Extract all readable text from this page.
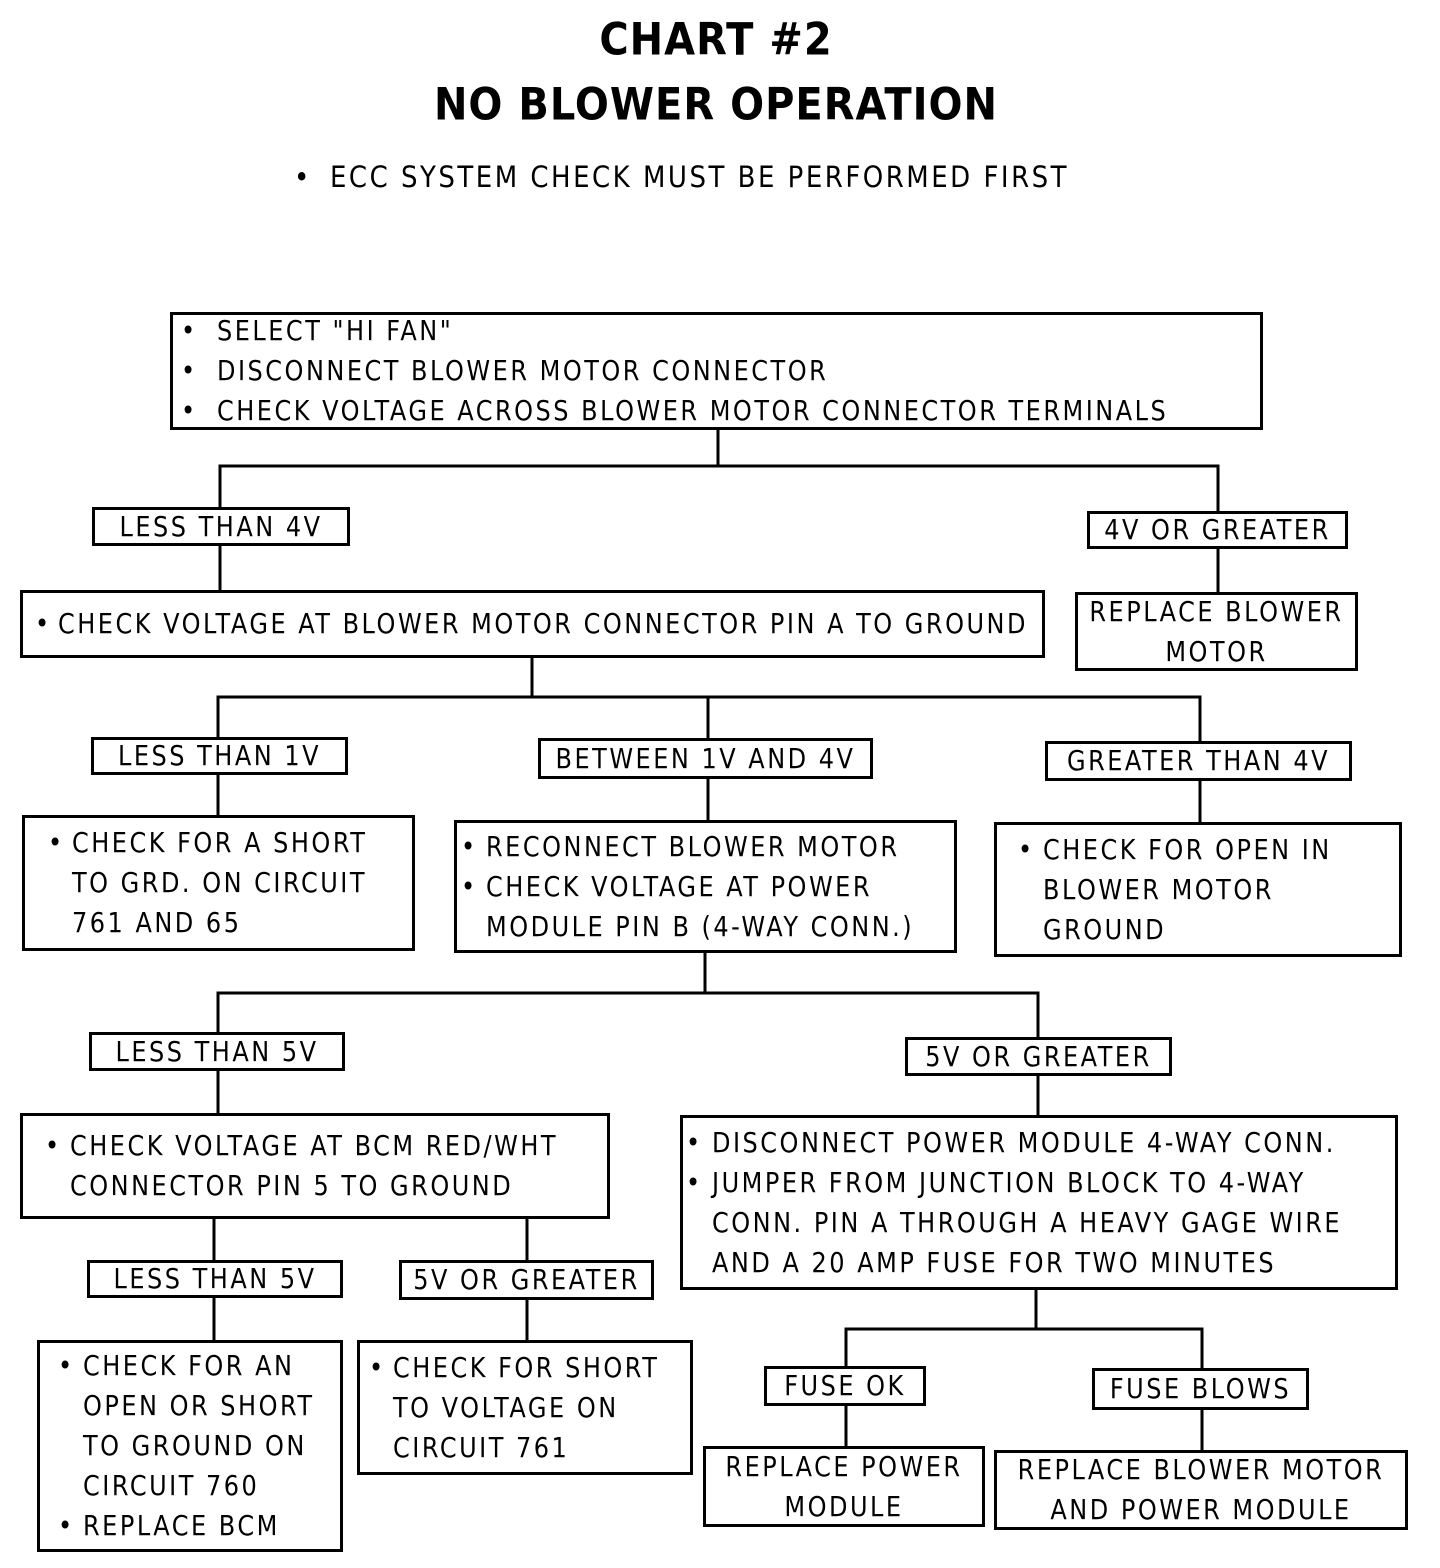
CHART #2
NO BLOWER OPERATION
• ECC SYSTEM CHECK MUST BE PERFORMED FIRST
• SELECT "HI FAN"
• DISCONNECT BLOWER MOTOR CONNECTOR
• CHECK VOLTAGE ACROSS BLOWER MOTOR CONNECTOR TERMINALS
LESS THAN 4V	4V OR GREATER
• CHECK VOLTAGE AT BLOWER MOTOR CONNECTOR PIN A TO GROUND	REPLACE BLOWER
MOTOR
LESS THAN 1V	BETWEEN 1V AND 4V	GREATER THAN 4V
• CHECK FOR A SHORT
TO GRD. ON CIRCUIT
761 AND 65
• RECONNECT BLOWER MOTOR
• CHECK VOLTAGE AT POWER
MODULE PIN B (4-WAY CONN.)
• CHECK FOR OPEN IN
BLOWER MOTOR
GROUND
LESS THAN 5V	5V OR GREATER
• CHECK VOLTAGE AT BCM RED/WHT
CONNECTOR PIN 5 TO GROUND
• DISCONNECT POWER MODULE 4-WAY CONN.
• JUMPER FROM JUNCTION BLOCK TO 4-WAY
CONN. PIN A THROUGH A HEAVY GAGE WIRE
AND A 20 AMP FUSE FOR TWO MINUTES
LESS THAN 5V	5V OR GREATER
• CHECK FOR AN
OPEN OR SHORT
TO GROUND ON
CIRCUIT 760
• REPLACE BCM
• CHECK FOR SHORT
TO VOLTAGE ON
CIRCUIT 761
FUSE OK	FUSE BLOWS
REPLACE POWER
MODULE
REPLACE BLOWER MOTOR
AND POWER MODULE
